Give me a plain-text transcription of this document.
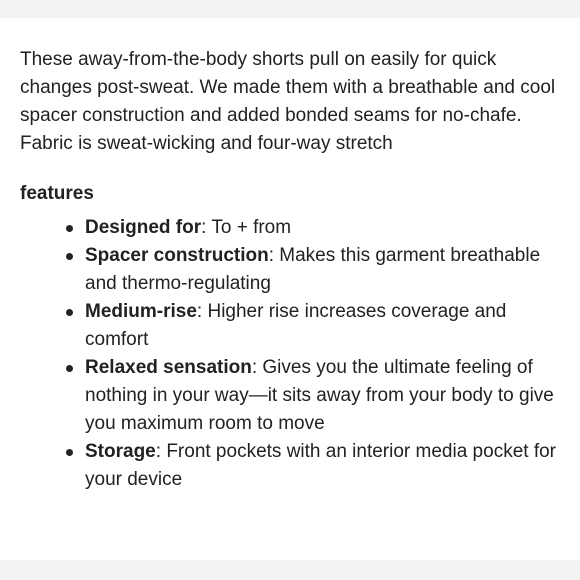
These away-from-the-body shorts pull on easily for quick changes post-sweat. We made them with a breathable and cool spacer construction and added bonded seams for no-chafe.

Fabric is sweat-wicking and four-way stretch

features
Designed for: To + from
Spacer construction: Makes this garment breathable and thermo-regulating
Medium-rise: Higher rise increases coverage and comfort
Relaxed sensation: Gives you the ultimate feeling of nothing in your way—it sits away from your body to give you maximum room to move
Storage: Front pockets with an interior media pocket for your device
